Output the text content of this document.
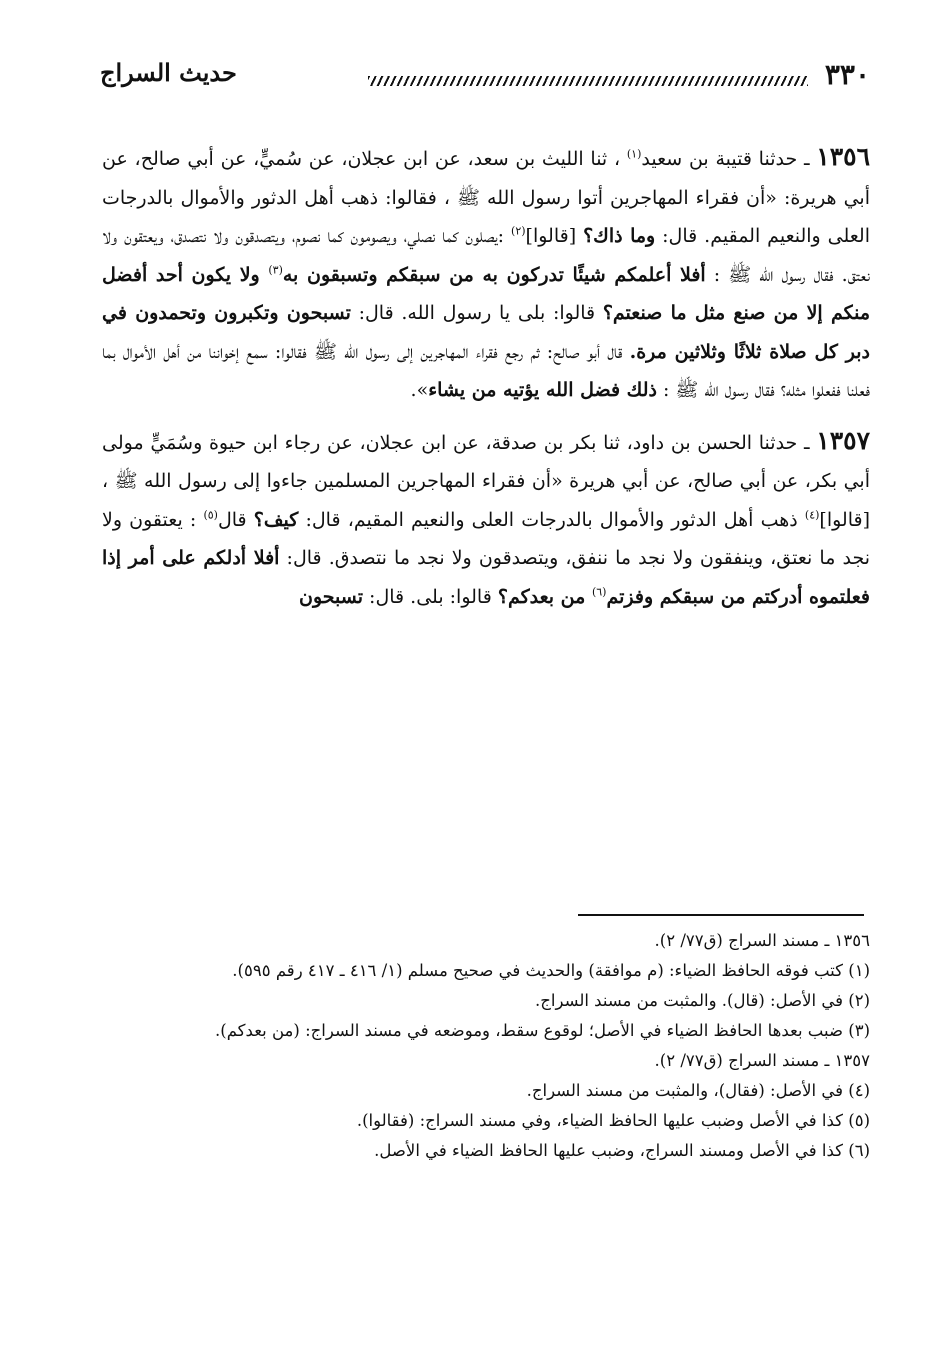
٣٣٠
حديث السراج

١٣٥٦ ـ حدثنا قتيبة بن سعيد$^{(١)}$ ، ثنا الليث بن سعد، عن ابن عجلان، عن سُميٍّ، عن أبي صالح، عن أبي هريرة: «أن فقراء المهاجرين أتوا رسول الله ﷺ ، فقالوا: ذهب أهل الدثور والأموال بالدرجات العلى والنعيم المقيم. قال: وما ذاك؟ [قالوا]$^{(٢)}$ :يصلون كما نصلي، ويصومون كما نصوم، ويتصدقون ولا نتصدق، ويعتقون ولا نعتق. فقال رسول الله ﷺ : أفلا أعلمكم شيئًا تدركون به من سبقكم وتسبقون به$^{(٣)}$ ولا يكون أحد أفضل منكم إلا من صنع مثل ما صنعتم؟ قالوا: بلى يا رسول الله. قال: تسبحون وتكبرون وتحمدون في دبر كل صلاة ثلاثًا وثلاثين مرة. قال أبو صالح: ثم رجع فقراء المهاجرين إلى رسول الله ﷺ فقالوا: سمع إخواننا من أهل الأموال بما فعلنا ففعلوا مثله؟ فقال رسول الله ﷺ : ذلك فضل الله يؤتيه من يشاء».

١٣٥٧ ـ حدثنا الحسن بن داود، ثنا بكر بن صدقة، عن ابن عجلان، عن رجاء ابن حيوة وسُمَيٍّ مولى أبي بكر، عن أبي صالح، عن أبي هريرة «أن فقراء المهاجرين المسلمين جاءوا إلى رسول الله ﷺ ، [قالوا]$^{(٤)}$ ذهب أهل الدثور والأموال بالدرجات العلى والنعيم المقيم، قال: كيف؟ قال$^{(٥)}$ : يعتقون ولا نجد ما نعتق، وينفقون ولا نجد ما ننفق، ويتصدقون ولا نجد ما نتصدق. قال: أفلا أدلكم على أمر إذا فعلتموه أدركتم من سبقكم وفزتم$^{(٦)}$ من بعدكم؟ قالوا: بلى. قال: تسبحون

١٣٥٦ ـ مسند السراج (ق٧٧/ ٢).

(١) كتب فوقه الحافظ الضياء: (م موافقة) والحديث في صحيح مسلم (١/ ٤١٦ ـ ٤١٧ رقم ٥٩٥).

(٢) في الأصل: (قال). والمثبت من مسند السراج.

(٣) ضبب بعدها الحافظ الضياء في الأصل؛ لوقوع سقط، وموضعه في مسند السراج: (من بعدكم).

١٣٥٧ ـ مسند السراج (ق٧٧/ ٢).

(٤) في الأصل: (فقال)، والمثبت من مسند السراج.

(٥) كذا في الأصل وضبب عليها الحافظ الضياء، وفي مسند السراج: (فقالوا).

(٦) كذا في الأصل ومسند السراج، وضبب عليها الحافظ الضياء في الأصل.
